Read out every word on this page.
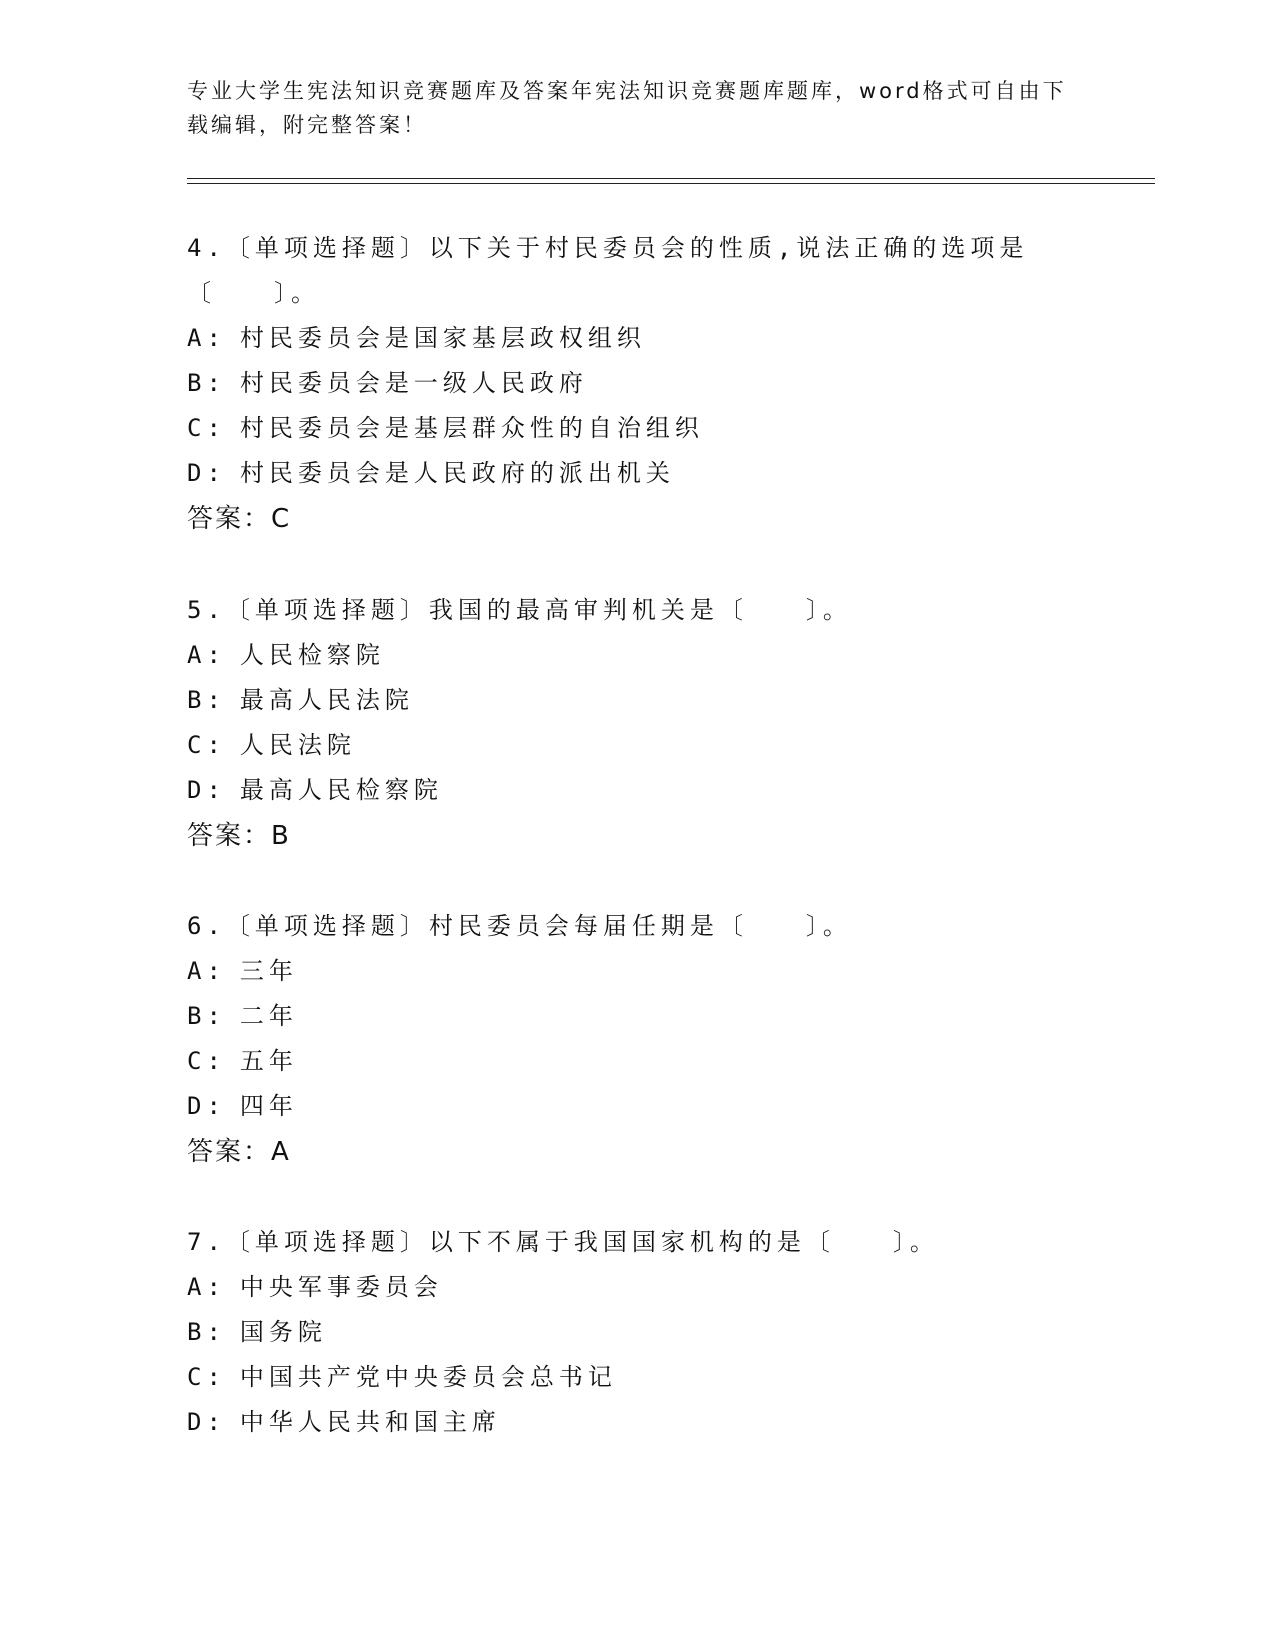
专业大学生宪法知识竞赛题库及答案年宪法知识竞赛题库题库，word格式可自由下载编辑，附完整答案！

4.〔单项选择题〕以下关于村民委员会的性质,说法正确的选项是〔　　〕。

A: 村民委员会是国家基层政权组织

B: 村民委员会是一级人民政府

C: 村民委员会是基层群众性的自治组织

D: 村民委员会是人民政府的派出机关

答案：C

5.〔单项选择题〕我国的最高审判机关是〔　　〕。

A: 人民检察院

B: 最高人民法院

C: 人民法院

D: 最高人民检察院

答案：B

6.〔单项选择题〕村民委员会每届任期是〔　　〕。

A: 三年

B: 二年

C: 五年

D: 四年

答案：A

7.〔单项选择题〕以下不属于我国国家机构的是〔　　〕。

A: 中央军事委员会

B: 国务院

C: 中国共产党中央委员会总书记

D: 中华人民共和国主席
